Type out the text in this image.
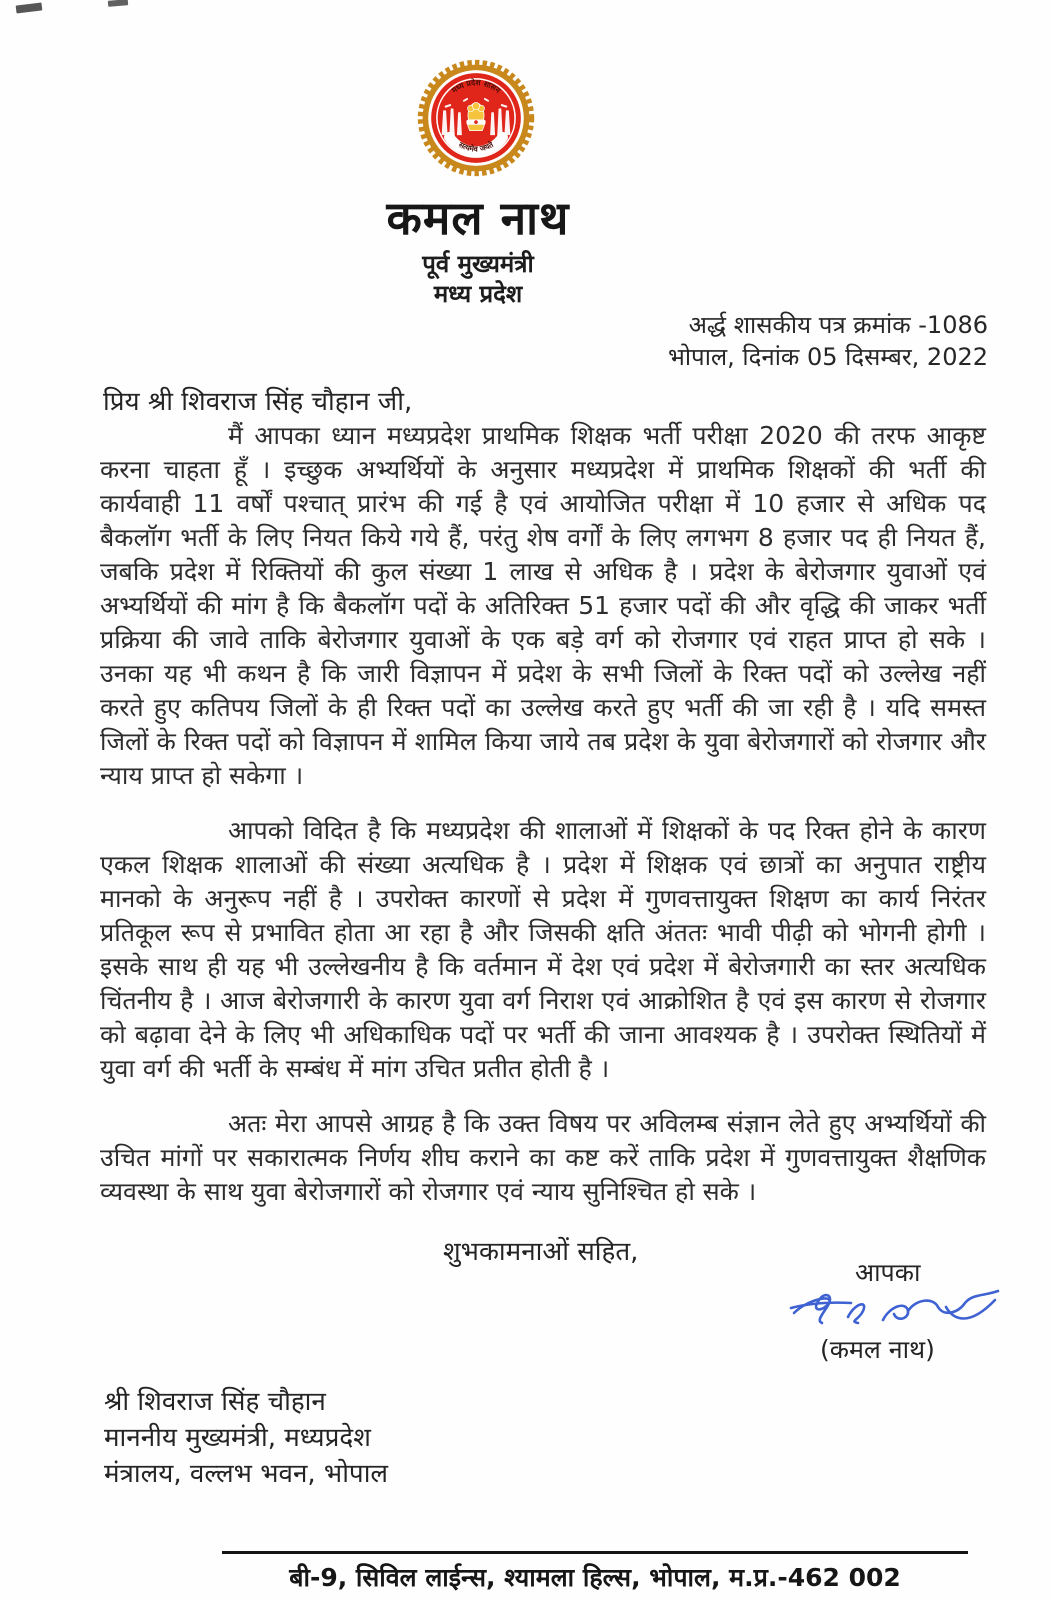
मध्य प्रदेश शासन
सत्यमेव जयते
कमल नाथ
पूर्व मुख्यमंत्री
मध्य प्रदेश
अर्द्ध शासकीय पत्र क्रमांक -1086
भोपाल, दिनांक 05 दिसम्बर, 2022
प्रिय श्री शिवराज सिंह चौहान जी,

मैं आपका ध्यान मध्यप्रदेश प्राथमिक शिक्षक भर्ती परीक्षा 2020 की तरफ आकृष्ट करना चाहता हूँ । इच्छुक अभ्यर्थियों के अनुसार मध्यप्रदेश में प्राथमिक शिक्षकों की भर्ती की कार्यवाही 11 वर्षों पश्चात् प्रारंभ की गई है एवं आयोजित परीक्षा में 10 हजार से अधिक पद बैकलॉग भर्ती के लिए नियत किये गये हैं, परंतु शेष वर्गों के लिए लगभग 8 हजार पद ही नियत हैं, जबकि प्रदेश में रिक्तियों की कुल संख्या 1 लाख से अधिक है । प्रदेश के बेरोजगार युवाओं एवं अभ्यर्थियों की मांग है कि बैकलॉग पदों के अतिरिक्त 51 हजार पदों की और वृद्धि की जाकर भर्ती प्रक्रिया की जावे ताकि बेरोजगार युवाओं के एक बड़े वर्ग को रोजगार एवं राहत प्राप्त हो सके । उनका यह भी कथन है कि जारी विज्ञापन में प्रदेश के सभी जिलों के रिक्त पदों को उल्लेख नहीं करते हुए कतिपय जिलों के ही रिक्त पदों का उल्लेख करते हुए भर्ती की जा रही है । यदि समस्त जिलों के रिक्त पदों को विज्ञापन में शामिल किया जाये तब प्रदेश के युवा बेरोजगारों को रोजगार और न्याय प्राप्त हो सकेगा ।

आपको विदित है कि मध्यप्रदेश की शालाओं में शिक्षकों के पद रिक्त होने के कारण एकल शिक्षक शालाओं की संख्या अत्यधिक है । प्रदेश में शिक्षक एवं छात्रों का अनुपात राष्ट्रीय मानको के अनुरूप नहीं है । उपरोक्त कारणों से प्रदेश में गुणवत्तायुक्त शिक्षण का कार्य निरंतर प्रतिकूल रूप से प्रभावित होता आ रहा है और जिसकी क्षति अंततः भावी पीढ़ी को भोगनी होगी । इसके साथ ही यह भी उल्लेखनीय है कि वर्तमान में देश एवं प्रदेश में बेरोजगारी का स्तर अत्यधिक चिंतनीय है । आज बेरोजगारी के कारण युवा वर्ग निराश एवं आक्रोशित है एवं इस कारण से रोजगार को बढ़ावा देने के लिए भी अधिकाधिक पदों पर भर्ती की जाना आवश्यक है । उपरोक्त स्थितियों में युवा वर्ग की भर्ती के सम्बंध में मांग उचित प्रतीत होती है ।

अतः मेरा आपसे आग्रह है कि उक्त विषय पर अविलम्ब संज्ञान लेते हुए अभ्यर्थियों की उचित मांगों पर सकारात्मक निर्णय शीघ कराने का कष्ट करें ताकि प्रदेश में गुणवत्तायुक्त शैक्षणिक व्यवस्था के साथ युवा बेरोजगारों को रोजगार एवं न्याय सुनिश्चित हो सके ।

शुभकामनाओं सहित,
आपका
(कमल नाथ)
श्री शिवराज सिंह चौहान
माननीय मुख्यमंत्री, मध्यप्रदेश
मंत्रालय, वल्लभ भवन, भोपाल
बी-9, सिविल लाईन्स, श्यामला हिल्स, भोपाल, म.प्र.-462 002
